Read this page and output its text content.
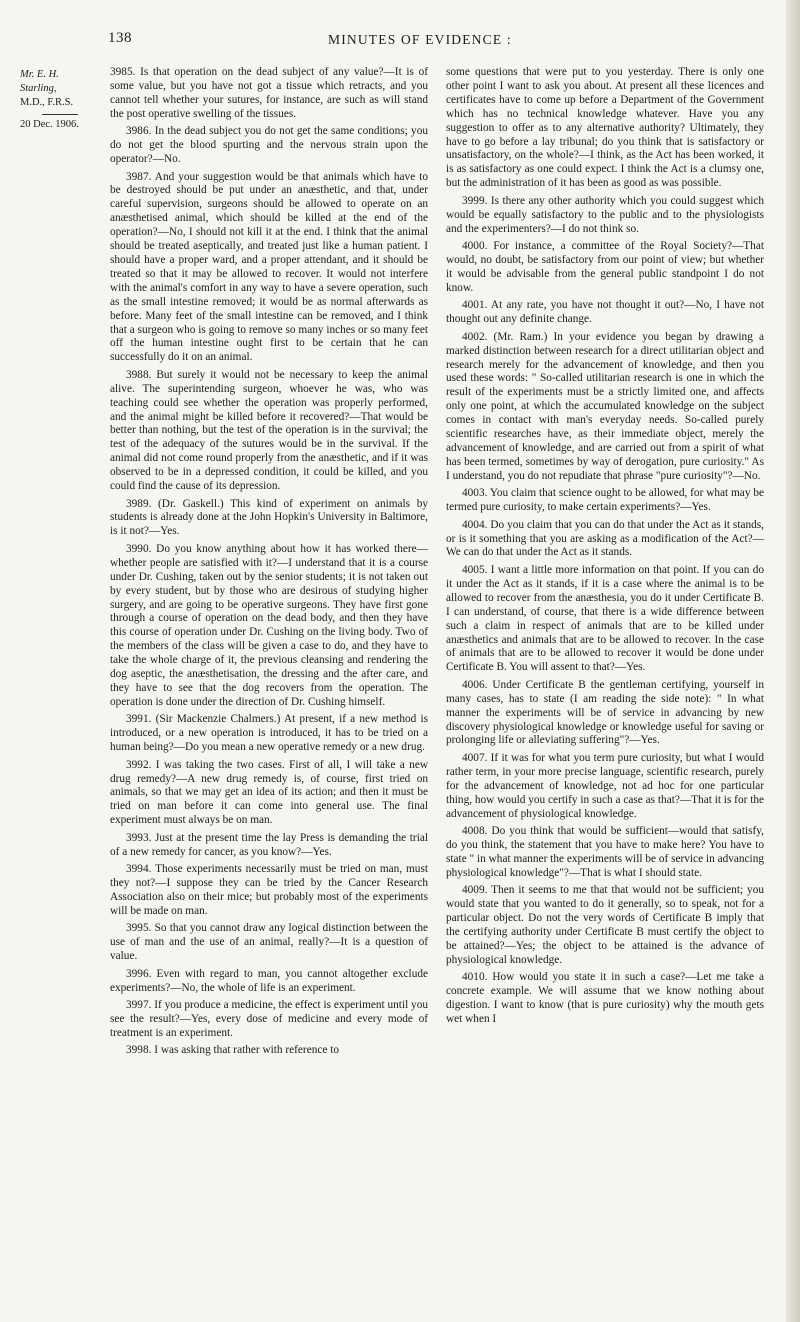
138	MINUTES OF EVIDENCE :
Mr. E. H.
Starling,
M.D., F.R.S.
20 Dec. 1906.

3985. Is that operation on the dead subject of any value?—It is of some value, but you have not got a tissue which retracts, and you cannot tell whether your sutures, for instance, are such as will stand the post operative swelling of the tissues.

3986. In the dead subject you do not get the same conditions; you do not get the blood spurting and the nervous strain upon the operator?—No.

3987. And your suggestion would be that animals which have to be destroyed should be put under an anæsthetic, and that, under careful supervision, surgeons should be allowed to operate on an anæsthetised animal, which should be killed at the end of the operation?—No, I should not kill it at the end. I think that the animal should be treated aseptically, and treated just like a human patient. I should have a proper ward, and a proper attendant, and it should be treated so that it may be allowed to recover. It would not interfere with the animal's comfort in any way to have a severe operation, such as the small intestine removed; it would be as normal afterwards as before. Many feet of the small intestine can be removed, and I think that a surgeon who is going to remove so many inches or so many feet off the human intestine ought first to be certain that he can successfully do it on an animal.

3988. But surely it would not be necessary to keep the animal alive. The superintending surgeon, whoever he was, who was teaching could see whether the operation was properly performed, and the animal might be killed before it recovered?—That would be better than nothing, but the test of the operation is in the survival; the test of the adequacy of the sutures would be in the survival. If the animal did not come round properly from the anæsthetic, and if it was observed to be in a depressed condition, it could be killed, and you could find the cause of its depression.

3989. (Dr. Gaskell.) This kind of experiment on animals by students is already done at the John Hopkin's University in Baltimore, is it not?—Yes.

3990. Do you know anything about how it has worked there—whether people are satisfied with it?—I understand that it is a course under Dr. Cushing, taken out by the senior students; it is not taken out by every student, but by those who are desirous of studying higher surgery, and are going to be operative surgeons. They have first gone through a course of operation on the dead body, and then they have this course of operation under Dr. Cushing on the living body. Two of the members of the class will be given a case to do, and they have to take the whole charge of it, the previous cleansing and rendering the dog aseptic, the anæsthetisation, the dressing and the after care, and they have to see that the dog recovers from the operation. The operation is done under the direction of Dr. Cushing himself.

3991. (Sir Mackenzie Chalmers.) At present, if a new method is introduced, or a new operation is introduced, it has to be tried on a human being?—Do you mean a new operative remedy or a new drug.

3992. I was taking the two cases. First of all, I will take a new drug remedy?—A new drug remedy is, of course, first tried on animals, so that we may get an idea of its action; and then it must be tried on man before it can come into general use. The final experiment must always be on man.

3993. Just at the present time the lay Press is demanding the trial of a new remedy for cancer, as you know?—Yes.

3994. Those experiments necessarily must be tried on man, must they not?—I suppose they can be tried by the Cancer Research Association also on their mice; but probably most of the experiments will be made on man.

3995. So that you cannot draw any logical distinction between the use of man and the use of an animal, really?—It is a question of value.

3996. Even with regard to man, you cannot altogether exclude experiments?—No, the whole of life is an experiment.

3997. If you produce a medicine, the effect is experiment until you see the result?—Yes, every dose of medicine and every mode of treatment is an experiment.

3998. I was asking that rather with reference to

some questions that were put to you yesterday. There is only one other point I want to ask you about. At present all these licences and certificates have to come up before a Department of the Government which has no technical knowledge whatever. Have you any suggestion to offer as to any alternative authority? Ultimately, they have to go before a lay tribunal; do you think that is satisfactory or unsatisfactory, on the whole?—I think, as the Act has been worked, it is as satisfactory as one could expect. I think the Act is a clumsy one, but the administration of it has been as good as was possible.

3999. Is there any other authority which you could suggest which would be equally satisfactory to the public and to the physiologists and the experimenters?—I do not think so.

4000. For instance, a committee of the Royal Society?—That would, no doubt, be satisfactory from our point of view; but whether it would be advisable from the general public standpoint I do not know.

4001. At any rate, you have not thought it out?—No, I have not thought out any definite change.

4002. (Mr. Ram.) In your evidence you began by drawing a marked distinction between research for a direct utilitarian object and research merely for the advancement of knowledge, and then you used these words: " So-called utilitarian research is one in which the result of the experiments must be a strictly limited one, and affects only one point, at which the accumulated knowledge on the subject comes in contact with man's everyday needs. So-called purely scientific researches have, as their immediate object, merely the advancement of knowledge, and are carried out from a spirit of what has been termed, sometimes by way of derogation, pure curiosity." As I understand, you do not repudiate that phrase "pure curiosity"?—No.

4003. You claim that science ought to be allowed, for what may be termed pure curiosity, to make certain experiments?—Yes.

4004. Do you claim that you can do that under the Act as it stands, or is it something that you are asking as a modification of the Act?—We can do that under the Act as it stands.

4005. I want a little more information on that point. If you can do it under the Act as it stands, if it is a case where the animal is to be allowed to recover from the anæsthesia, you do it under Certificate B. I can understand, of course, that there is a wide difference between such a claim in respect of animals that are to be killed under anæsthetics and animals that are to be allowed to recover. In the case of animals that are to be allowed to recover it would be done under Certificate B. You will assent to that?—Yes.

4006. Under Certificate B the gentleman certifying, yourself in many cases, has to state (I am reading the side note): " In what manner the experiments will be of service in advancing by new discovery physiological knowledge or knowledge useful for saving or prolonging life or alleviating suffering"?—Yes.

4007. If it was for what you term pure curiosity, but what I would rather term, in your more precise language, scientific research, purely for the advancement of knowledge, not ad hoc for one particular thing, how would you certify in such a case as that?—That it is for the advancement of physiological knowledge.

4008. Do you think that would be sufficient—would that satisfy, do you think, the statement that you have to make here? You have to state " in what manner the experiments will be of service in advancing physiological knowledge"?—That is what I should state.

4009. Then it seems to me that that would not be sufficient; you would state that you wanted to do it generally, so to speak, not for a particular object. Do not the very words of Certificate B imply that the certifying authority under Certificate B must certify the object to be attained?—Yes; the object to be attained is the advance of physiological knowledge.

4010. How would you state it in such a case?—Let me take a concrete example. We will assume that we know nothing about digestion. I want to know (that is pure curiosity) why the mouth gets wet when I
